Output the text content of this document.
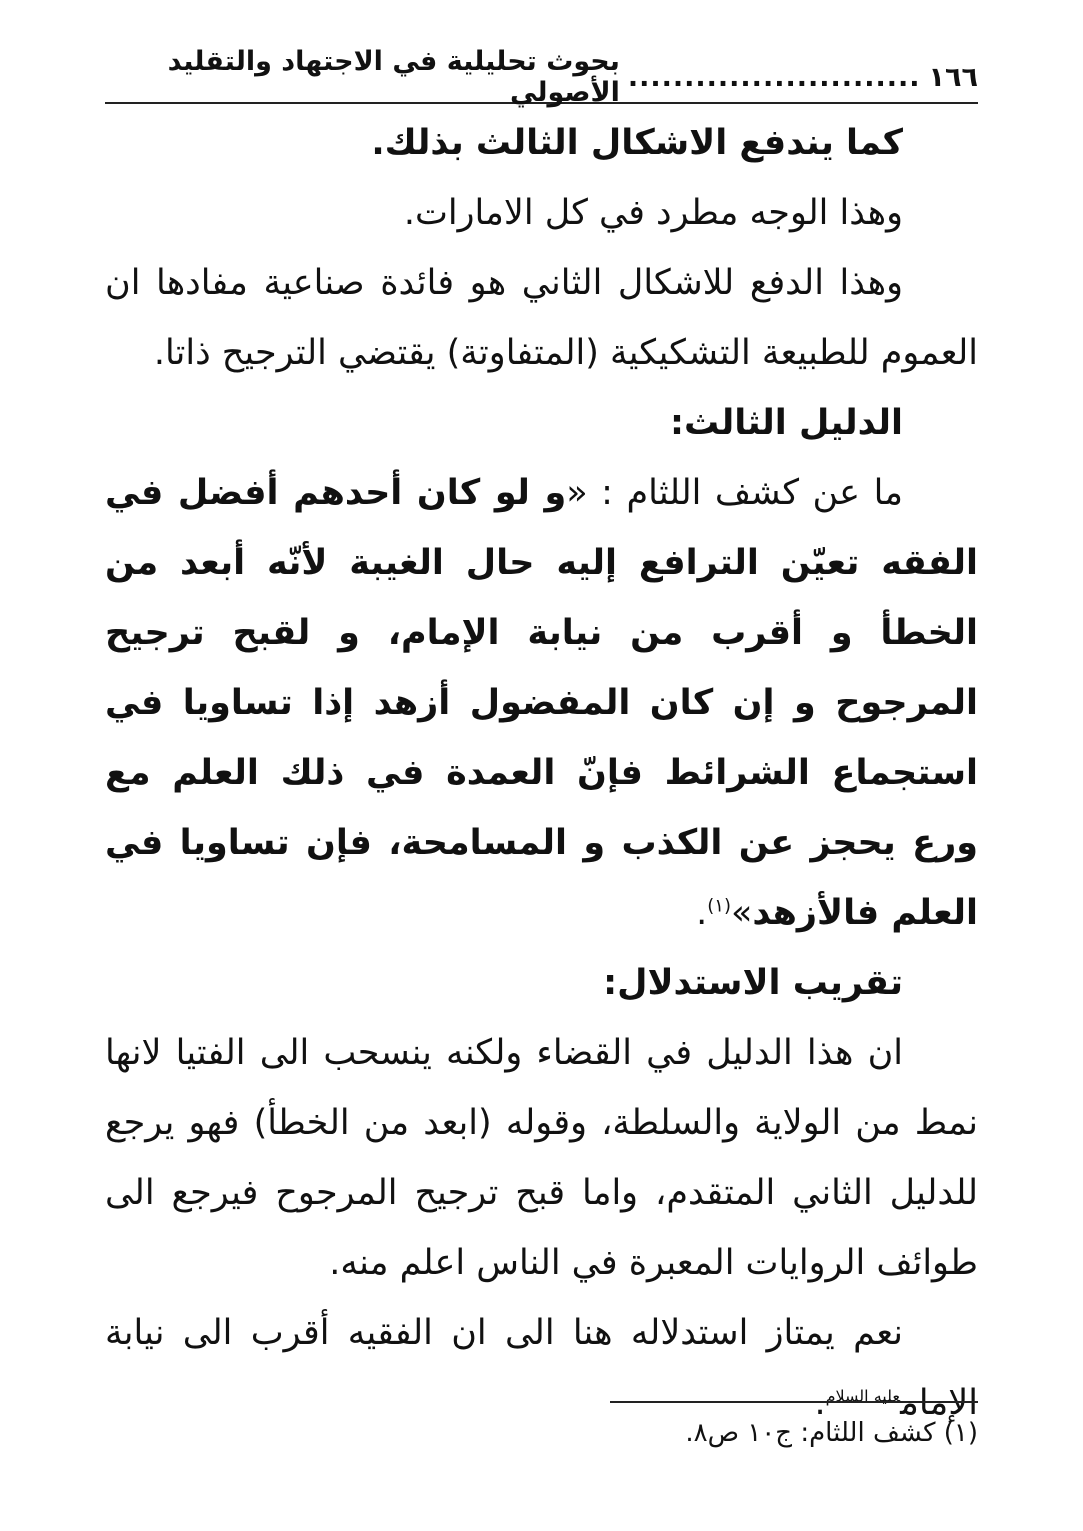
١٦٦
..........................
بحوث تحليلية في الاجتهاد والتقليد الأصولي

كما يندفع الاشكال الثالث بذلك.

وهذا الوجه مطرد في كل الامارات.

وهذا الدفع للاشكال الثاني هو فائدة صناعية مفادها ان العموم للطبيعة التشكيكية (المتفاوتة) يقتضي الترجيح ذاتا.

الدليل الثالث:

ما عن كشف اللثام : «و لو كان أحدهم أفضل في الفقه تعيّن الترافع إليه حال الغيبة لأنّه أبعد من الخطأ و أقرب من نيابة الإمام، و لقبح ترجيح المرجوح و إن كان المفضول أزهد إذا تساويا في استجماع الشرائط فإنّ العمدة في ذلك العلم مع ورع يحجز عن الكذب و المسامحة، فإن تساويا في العلم فالأزهد»$^{(١)}$.

تقريب الاستدلال:

ان هذا الدليل في القضاء ولكنه ينسحب الى الفتيا لانها نمط من الولاية والسلطة، وقوله (ابعد من الخطأ) فهو يرجع للدليل الثاني المتقدم، واما قبح ترجيح المرجوح فيرجع الى طوائف الروايات المعبرة في الناس اعلم منه.

نعم يمتاز استدلاله هنا الى ان الفقيه أقرب الى نيابة الإمام$^{عليه السلام}$.

(١) كشف اللثام: ج١٠ ص٨.
